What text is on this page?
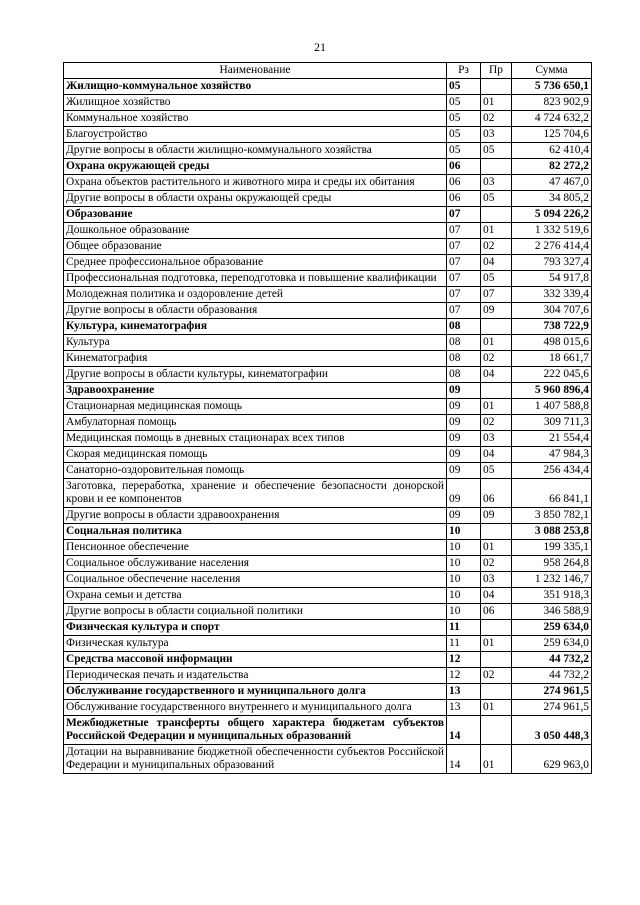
21
Наименование	Рз	Пр	Сумма
Жилищно-коммунальное хозяйство	05		5 736 650,1
Жилищное хозяйство	05	01	823 902,9
Коммунальное хозяйство	05	02	4 724 632,2
Благоустройство	05	03	125 704,6
Другие вопросы в области жилищно-коммунального хозяйства	05	05	62 410,4
Охрана окружающей среды	06		82 272,2
Охрана объектов растительного и животного мира и среды их обитания	06	03	47 467,0
Другие вопросы в области охраны окружающей среды	06	05	34 805,2
Образование	07		5 094 226,2
Дошкольное образование	07	01	1 332 519,6
Общее образование	07	02	2 276 414,4
Среднее профессиональное образование	07	04	793 327,4
Профессиональная подготовка, переподготовка и повышение квалификации	07	05	54 917,8
Молодежная политика и оздоровление детей	07	07	332 339,4
Другие вопросы в области образования	07	09	304 707,6
Культура, кинематография	08		738 722,9
Культура	08	01	498 015,6
Кинематография	08	02	18 661,7
Другие вопросы в области культуры, кинематографии	08	04	222 045,6
Здравоохранение	09		5 960 896,4
Стационарная медицинская помощь	09	01	1 407 588,8
Амбулаторная помощь	09	02	309 711,3
Медицинская помощь в дневных стационарах всех типов	09	03	21 554,4
Скорая медицинская помощь	09	04	47 984,3
Санаторно-оздоровительная помощь	09	05	256 434,4
Заготовка, переработка, хранение и обеспечение безопасности донорской крови и ее компонентов	09	06	66 841,1
Другие вопросы в области здравоохранения	09	09	3 850 782,1
Социальная политика	10		3 088 253,8
Пенсионное обеспечение	10	01	199 335,1
Социальное обслуживание населения	10	02	958 264,8
Социальное обеспечение населения	10	03	1 232 146,7
Охрана семьи и детства	10	04	351 918,3
Другие вопросы в области социальной политики	10	06	346 588,9
Физическая культура и спорт	11		259 634,0
Физическая культура	11	01	259 634,0
Средства массовой информации	12		44 732,2
Периодическая печать и издательства	12	02	44 732,2
Обслуживание государственного и муниципального долга	13		274 961,5
Обслуживание государственного внутреннего и муниципального долга	13	01	274 961,5
Межбюджетные трансферты общего характера бюджетам субъектов Российской Федерации и муниципальных образований	14		3 050 448,3
Дотации на выравнивание бюджетной обеспеченности субъектов Российской Федерации и муниципальных образований	14	01	629 963,0
